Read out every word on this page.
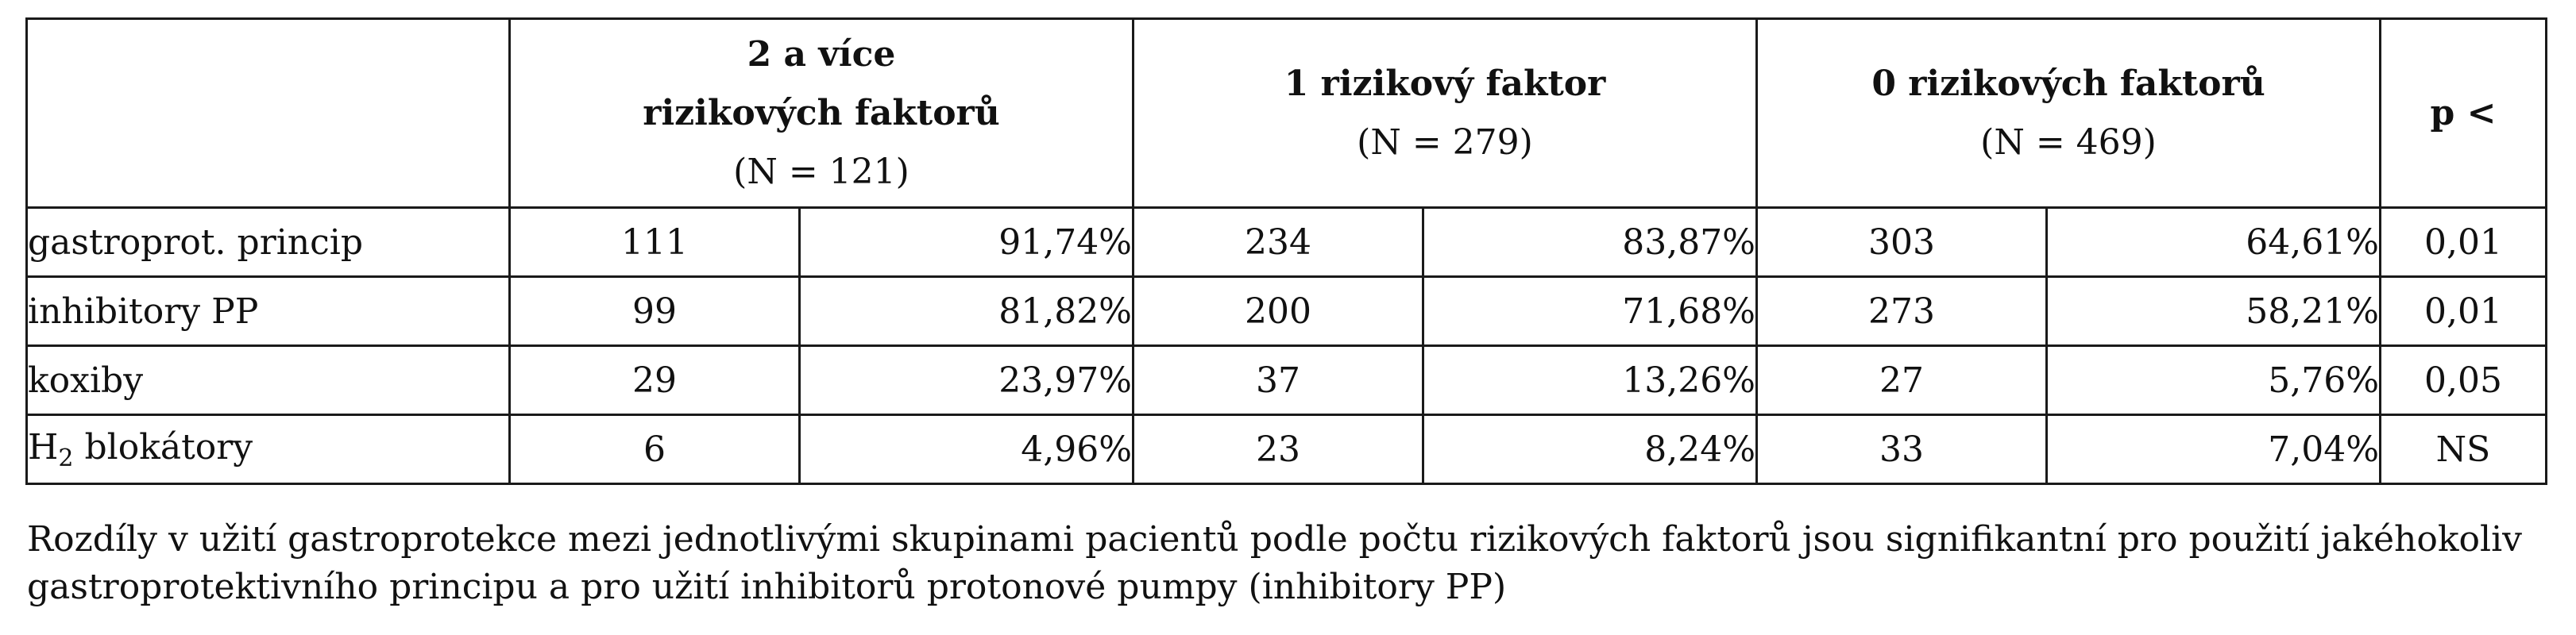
	2 a více
rizikových faktorů
(N = 121)		1 rizikový faktor
(N = 279)		0 rizikových faktorů
(N = 469)		p <

gastroprot. princip	111	91,74%	234	83,87%	303	64,61%	0,01
inhibitory PP	99	81,82%	200	71,68%	273	58,21%	0,01
koxiby	29	23,97%	37	13,26%	27	5,76%	0,05
$H_2$ blokátory	6	4,96%	23	8,24%	33	7,04%	NS
Rozdíly v užití gastroprotekce mezi jednotlivými skupinami pacientů podle počtu rizikových faktorů jsou signifikantní pro použití jakéhokoliv gastroprotektivního principu a pro užití inhibitorů protonové pumpy (inhibitory PP)
